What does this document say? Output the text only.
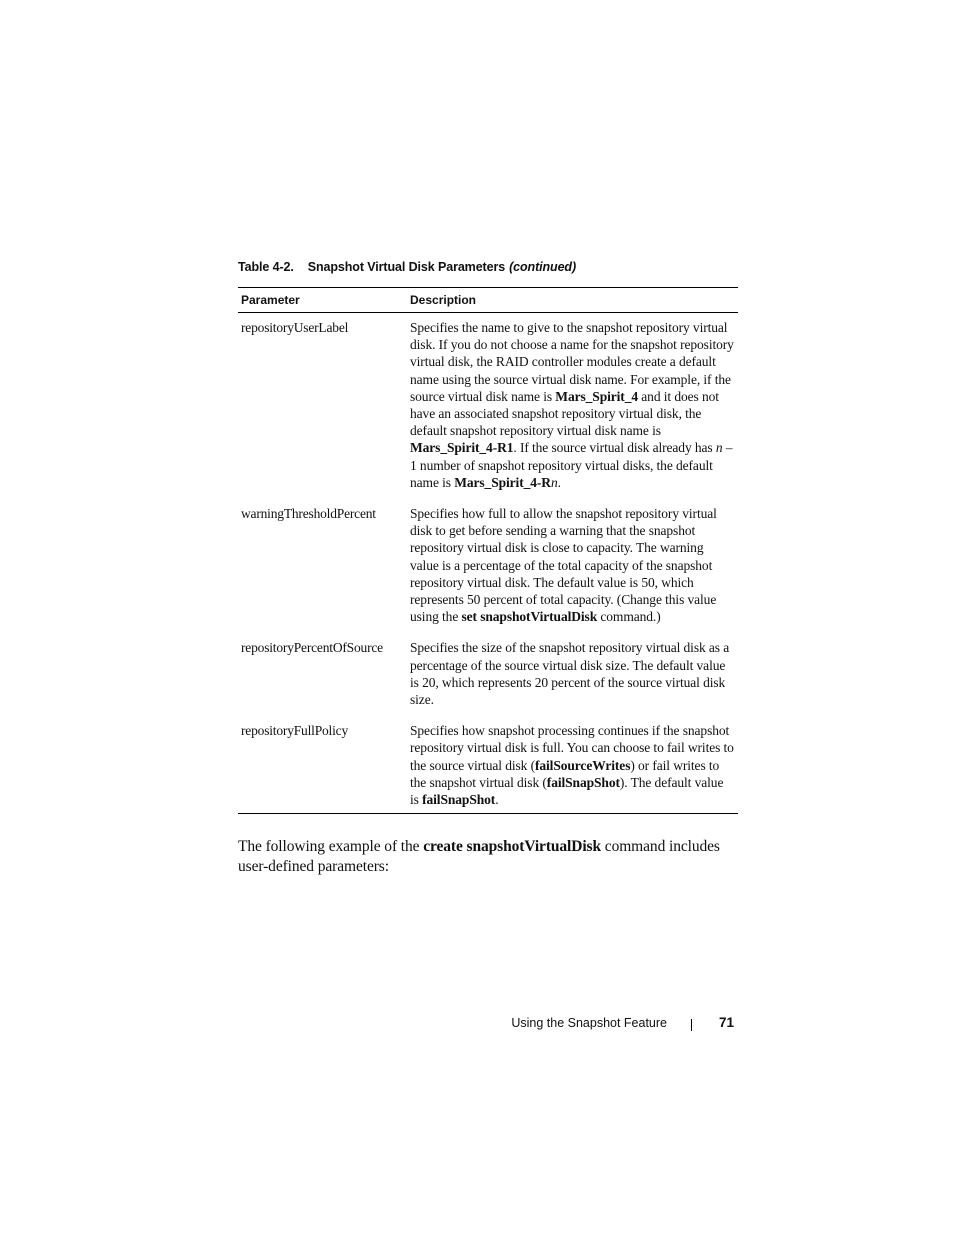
Table 4-2. Snapshot Virtual Disk Parameters (continued)
Parameter	Description
repositoryUserLabel	Specifies the name to give to the snapshot repository virtual disk. If you do not choose a name for the snapshot repository virtual disk, the RAID controller modules create a default name using the source virtual disk name. For example, if the source virtual disk name is Mars_Spirit_4 and it does not have an associated snapshot repository virtual disk, the default snapshot repository virtual disk name is Mars_Spirit_4-R1. If the source virtual disk already has n – 1 number of snapshot repository virtual disks, the default name is Mars_Spirit_4-Rn.
warningThresholdPercent	Specifies how full to allow the snapshot repository virtual disk to get before sending a warning that the snapshot repository virtual disk is close to capacity. The warning value is a percentage of the total capacity of the snapshot repository virtual disk. The default value is 50, which represents 50 percent of total capacity. (Change this value using the set snapshotVirtualDisk command.)
repositoryPercentOfSource	Specifies the size of the snapshot repository virtual disk as a percentage of the source virtual disk size. The default value is 20, which represents 20 percent of the source virtual disk size.
repositoryFullPolicy	Specifies how snapshot processing continues if the snapshot repository virtual disk is full. You can choose to fail writes to the source virtual disk (failSourceWrites) or fail writes to the snapshot virtual disk (failSnapShot). The default value is failSnapShot.

The following example of the create snapshotVirtualDisk command includes user-defined parameters:

Using the Snapshot Feature	71
